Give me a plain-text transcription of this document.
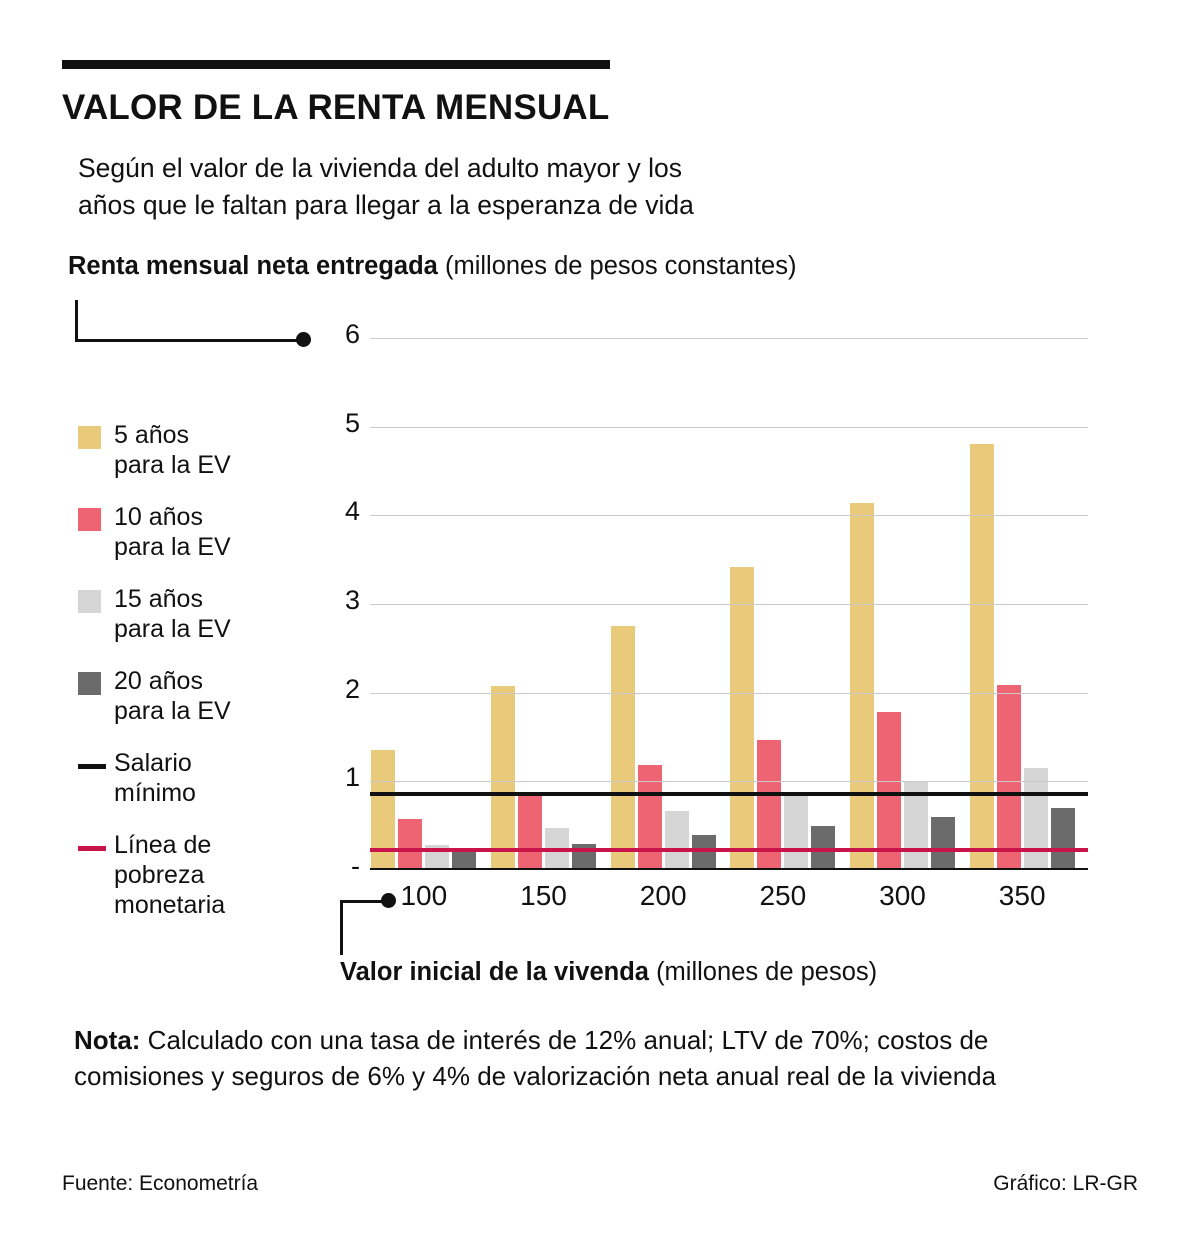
VALOR DE LA RENTA MENSUAL
Según el valor de la vivienda del adulto mayor y los
años que le faltan para llegar a la esperanza de vida
Renta mensual neta entregada (millones de pesos constantes)
5 años
para la EV
10 años
para la EV
15 años
para la EV
20 años
para la EV
Salario
mínimo
Línea de
pobreza
monetaria
-
1
2
3
4
5
6
100	150	200	250	300	350
Valor inicial de la vivenda (millones de pesos)
Nota: Calculado con una tasa de interés de 12% anual; LTV de 70%; costos de comisiones y seguros de 6% y 4% de valorización neta anual real de la vivienda
Fuente: Econometría	Gráfico: LR-GR
